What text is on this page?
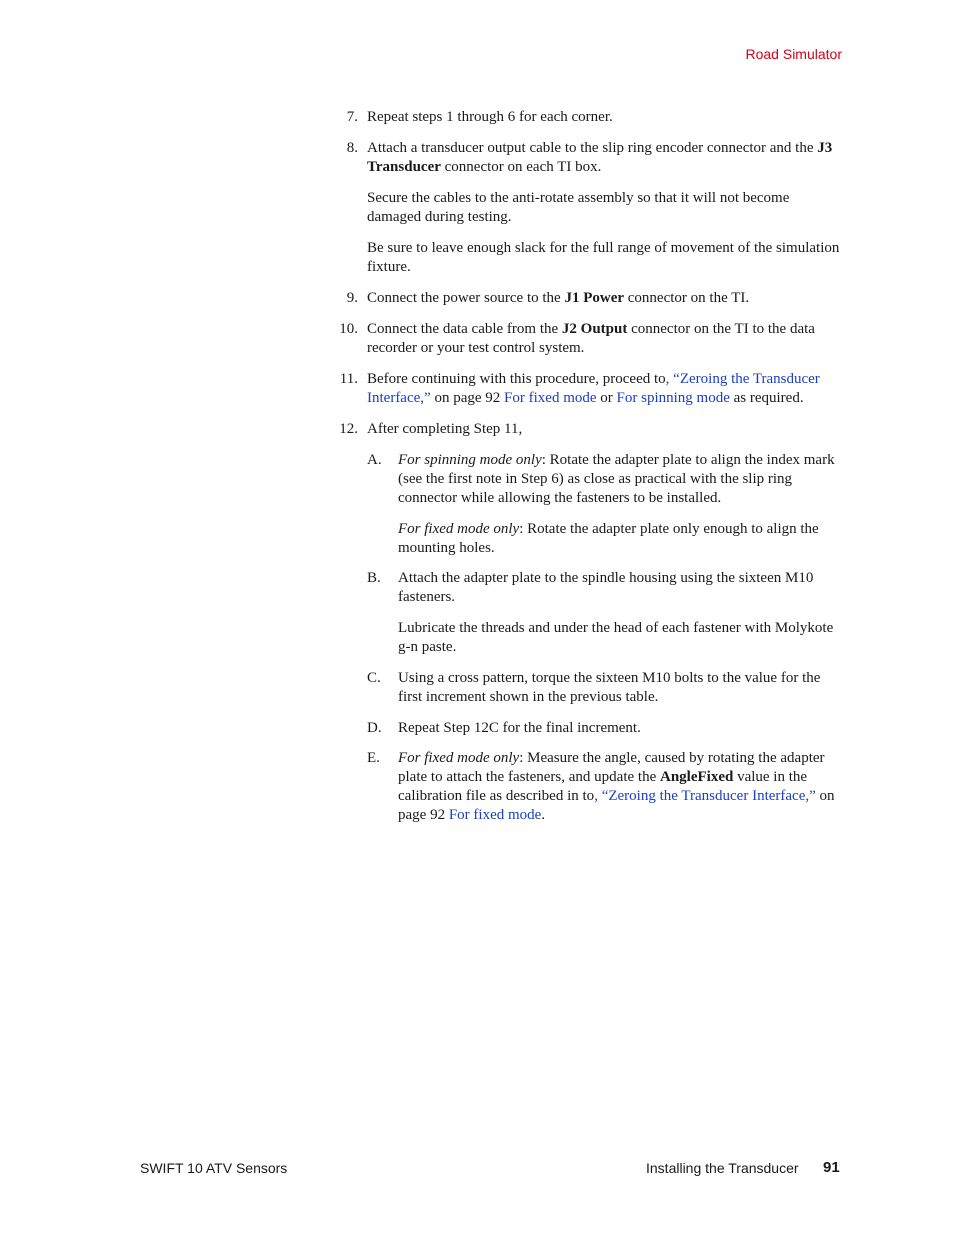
Road Simulator
7. Repeat steps 1 through 6 for each corner.
8. Attach a transducer output cable to the slip ring encoder connector and the J3 Transducer connector on each TI box.
Secure the cables to the anti-rotate assembly so that it will not become damaged during testing.
Be sure to leave enough slack for the full range of movement of the simulation fixture.
9. Connect the power source to the J1 Power connector on the TI.
10. Connect the data cable from the J2 Output connector on the TI to the data recorder or your test control system.
11. Before continuing with this procedure, proceed to, “Zeroing the Transducer Interface,” on page 92 For fixed mode or For spinning mode as required.
12. After completing Step 11,
A. For spinning mode only: Rotate the adapter plate to align the index mark (see the first note in Step 6) as close as practical with the slip ring connector while allowing the fasteners to be installed.
For fixed mode only: Rotate the adapter plate only enough to align the mounting holes.
B. Attach the adapter plate to the spindle housing using the sixteen M10 fasteners.
Lubricate the threads and under the head of each fastener with Molykote g-n paste.
C. Using a cross pattern, torque the sixteen M10 bolts to the value for the first increment shown in the previous table.
D. Repeat Step 12C for the final increment.
E. For fixed mode only: Measure the angle, caused by rotating the adapter plate to attach the fasteners, and update the AngleFixed value in the calibration file as described in to, “Zeroing the Transducer Interface,” on page 92 For fixed mode.
SWIFT 10 ATV Sensors	Installing the Transducer 91
